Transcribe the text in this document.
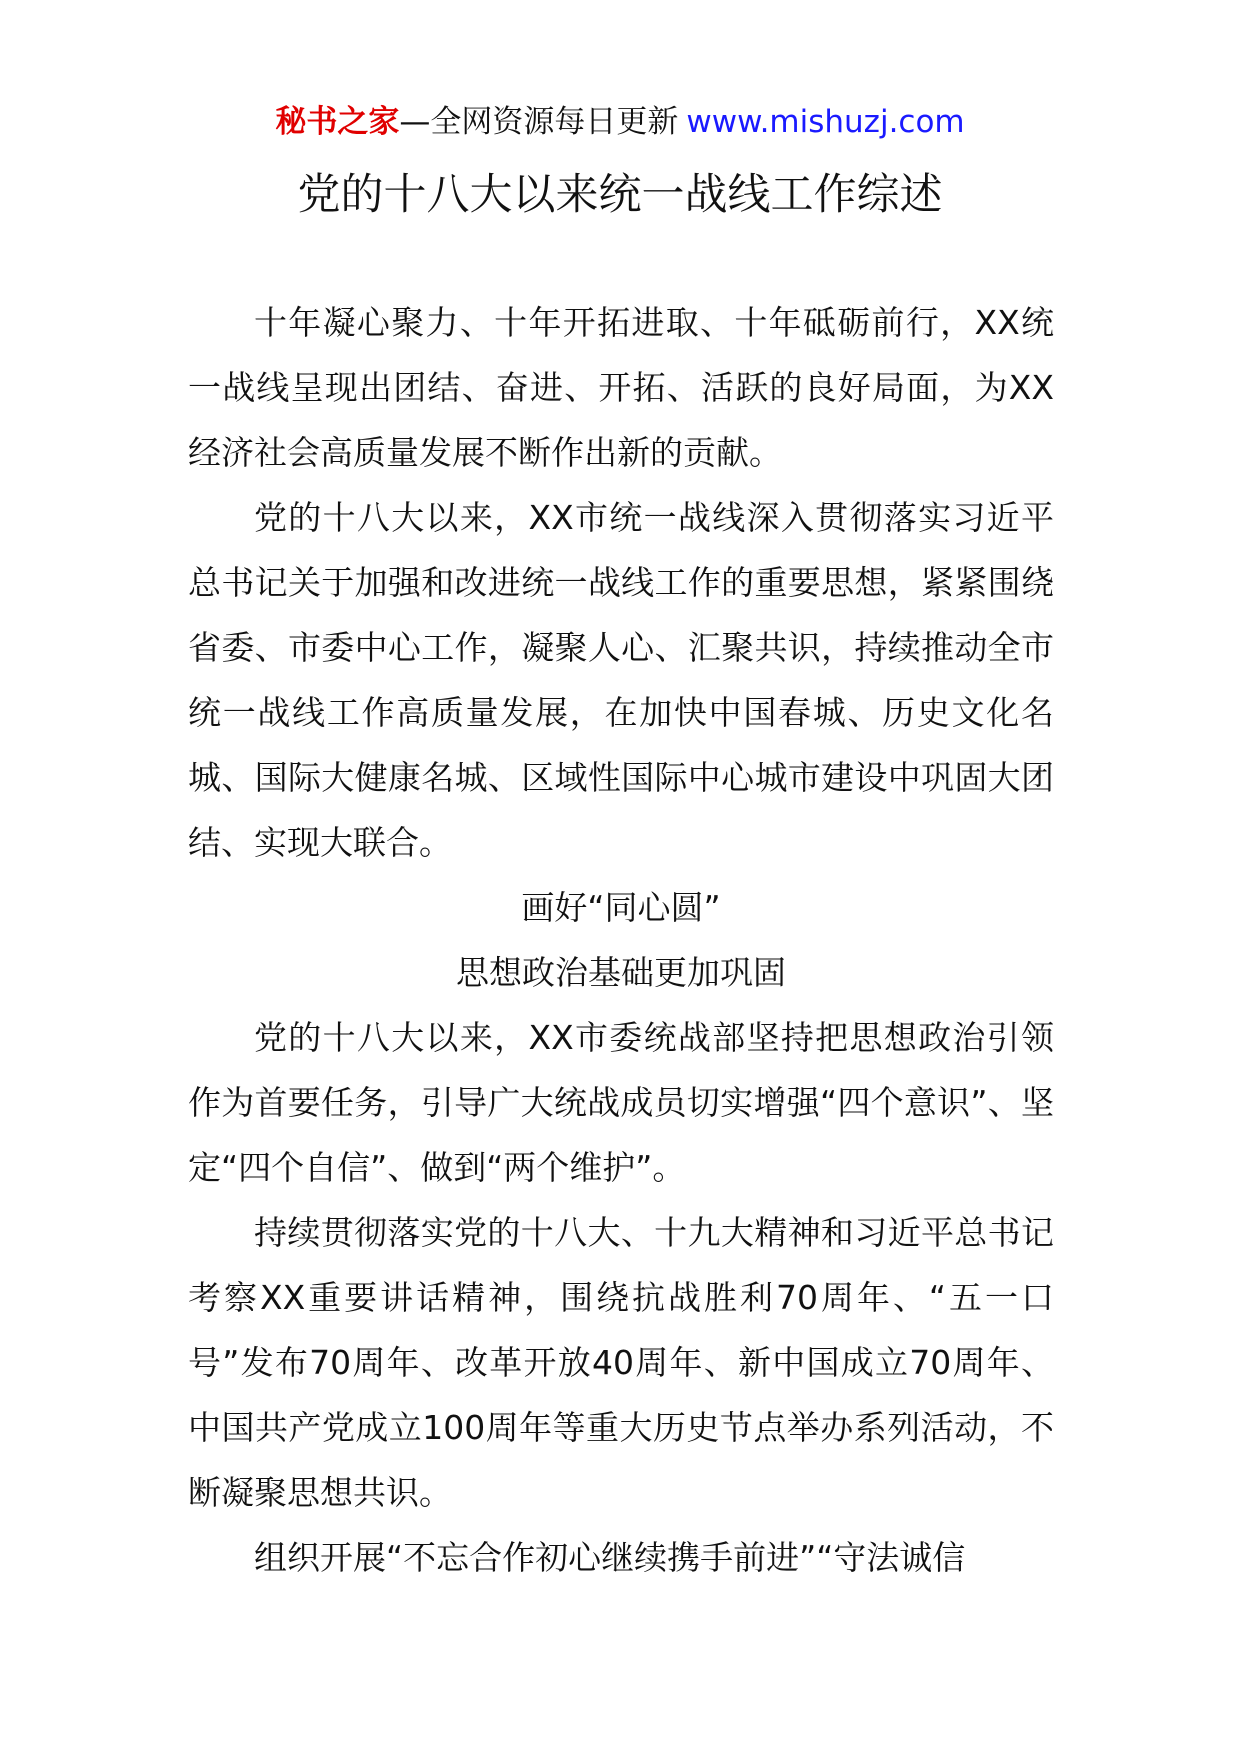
秘书之家—全网资源每日更新 www.mishuzj.com
党的十八大以来统一战线工作综述

十年凝心聚力、十年开拓进取、十年砥砺前行，XX统一战线呈现出团结、奋进、开拓、活跃的良好局面，为XX经济社会高质量发展不断作出新的贡献。

党的十八大以来，XX市统一战线深入贯彻落实习近平总书记关于加强和改进统一战线工作的重要思想，紧紧围绕省委、市委中心工作，凝聚人心、汇聚共识，持续推动全市统一战线工作高质量发展，在加快中国春城、历史文化名城、国际大健康名城、区域性国际中心城市建设中巩固大团结、实现大联合。

画好“同心圆”

思想政治基础更加巩固

党的十八大以来，XX市委统战部坚持把思想政治引领作为首要任务，引导广大统战成员切实增强“四个意识”、坚定“四个自信”、做到“两个维护”。

持续贯彻落实党的十八大、十九大精神和习近平总书记考察XX重要讲话精神，围绕抗战胜利70周年、“五一口号”发布70周年、改革开放40周年、新中国成立70周年、中国共产党成立100周年等重大历史节点举办系列活动，不断凝聚思想共识。

组织开展“不忘合作初心继续携手前进”“守法诚信
